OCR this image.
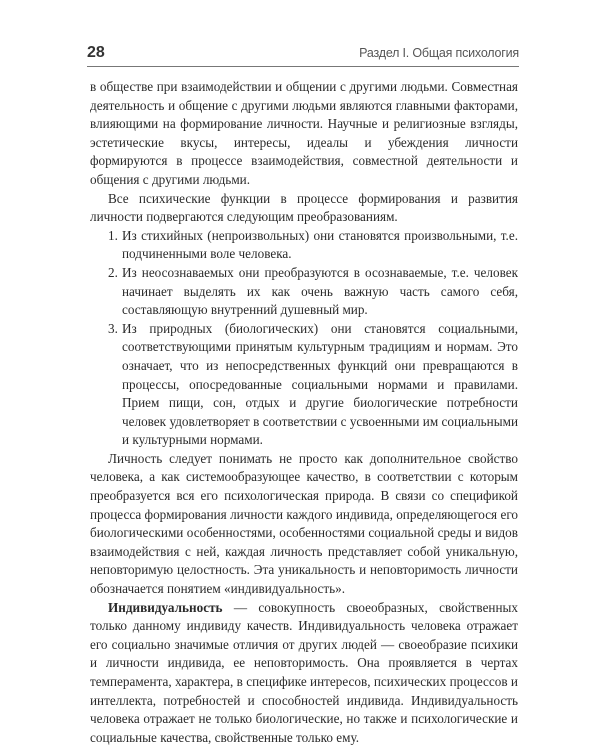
28	Раздел I. Общая психология

в обществе при взаимодействии и общении с другими людьми. Совместная деятельность и общение с другими людьми являются главными факторами, влияющими на формирование личности. Научные и религиозные взгляды, эстетические вкусы, интересы, идеалы и убеждения личности формируются в процессе взаимодействия, совместной деятельности и общения с другими людьми.

Все психические функции в процессе формирования и развития личности подвергаются следующим преобразованиям.

1. Из стихийных (непроизвольных) они становятся произвольными, т.е. подчиненными воле человека.
2. Из неосознаваемых они преобразуются в осознаваемые, т.е. человек начинает выделять их как очень важную часть самого себя, составляющую внутренний душевный мир.
3. Из природных (биологических) они становятся социальными, соответствующими принятым культурным традициям и нормам. Это означает, что из непосредственных функций они превращаются в процессы, опосредованные социальными нормами и правилами. Прием пищи, сон, отдых и другие биологические потребности человек удовлетворяет в соответствии с усвоенными им социальными и культурными нормами.

Личность следует понимать не просто как дополнительное свойство человека, а как системообразующее качество, в соответствии с которым преобразуется вся его психологическая природа. В связи со спецификой процесса формирования личности каждого индивида, определяющегося его биологическими особенностями, особенностями социальной среды и видов взаимодействия с ней, каждая личность представляет собой уникальную, неповторимую целостность. Эта уникальность и неповторимость личности обозначается понятием «индивидуальность».

Индивидуальность — совокупность своеобразных, свойственных только данному индивиду качеств. Индивидуальность человека отражает его социально значимые отличия от других людей — своеобразие психики и личности индивида, ее неповторимость. Она проявляется в чертах темперамента, характера, в специфике интересов, психических процессов и интеллекта, потребностей и способностей индивида. Индивидуальность человека отражает не только биологические, но также и психологические и социальные качества, свойственные только ему.
